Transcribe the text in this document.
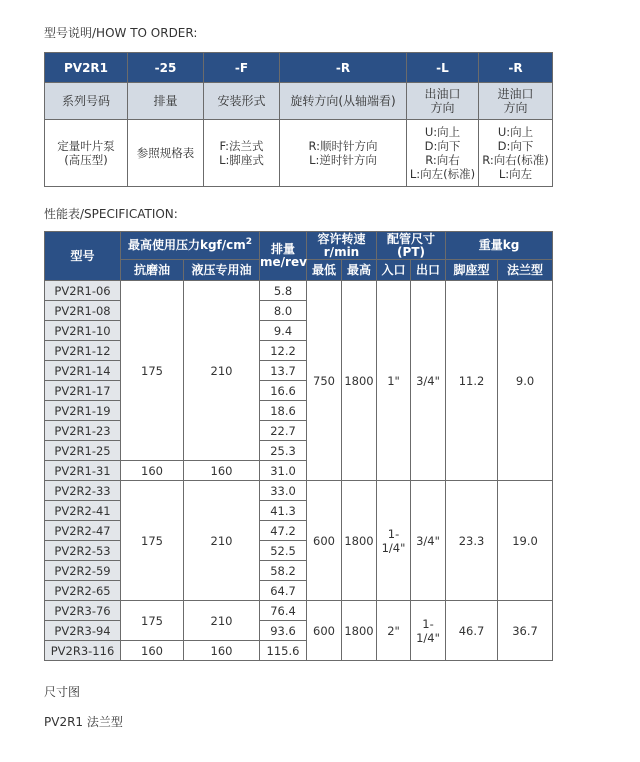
型号说明/HOW TO ORDER:
PV2R1	-25	-F	-R	-L	-R
系列号码	排量	安装形式	旋转方向(从轴端看)	出油口
方向	进油口
方向
定量叶片泵
(高压型)	参照规格表	F:法兰式
L:脚座式	R:顺时针方向
L:逆时针方向	U:向上
D:向下
R:向右
L:向左(标准)	U:向上
D:向下
R:向右(标准)
L:向左
性能表/SPECIFICATION:
型号	最高使用压力kgf/$cm^2$		排量
me/rev	容许转速
r/min		配管尺寸
(PT)		重量kg	
	抗磨油	液压专用油		最低	最高	入口	出口	脚座型	法兰型
PV2R1-06	175	210	5.8	750	1800	1"	3/4"	11.2	9.0
PV2R1-08			8.0						
PV2R1-10			9.4						
PV2R1-12			12.2						
PV2R1-14			13.7						
PV2R1-17			16.6						
PV2R1-19			18.6						
PV2R1-23			22.7						
PV2R1-25			25.3						
PV2R1-31	160	160	31.0						
PV2R2-33	175	210	33.0	600	1800	1-
1/4"	3/4"	23.3	19.0
PV2R2-41			41.3						
PV2R2-47			47.2						
PV2R2-53			52.5						
PV2R2-59			58.2						
PV2R2-65			64.7						
PV2R3-76	175	210	76.4	600	1800	2"	1-
1/4"	46.7	36.7
PV2R3-94			93.6						
PV2R3-116	160	160	115.6						
尺寸图
PV2R1 法兰型
